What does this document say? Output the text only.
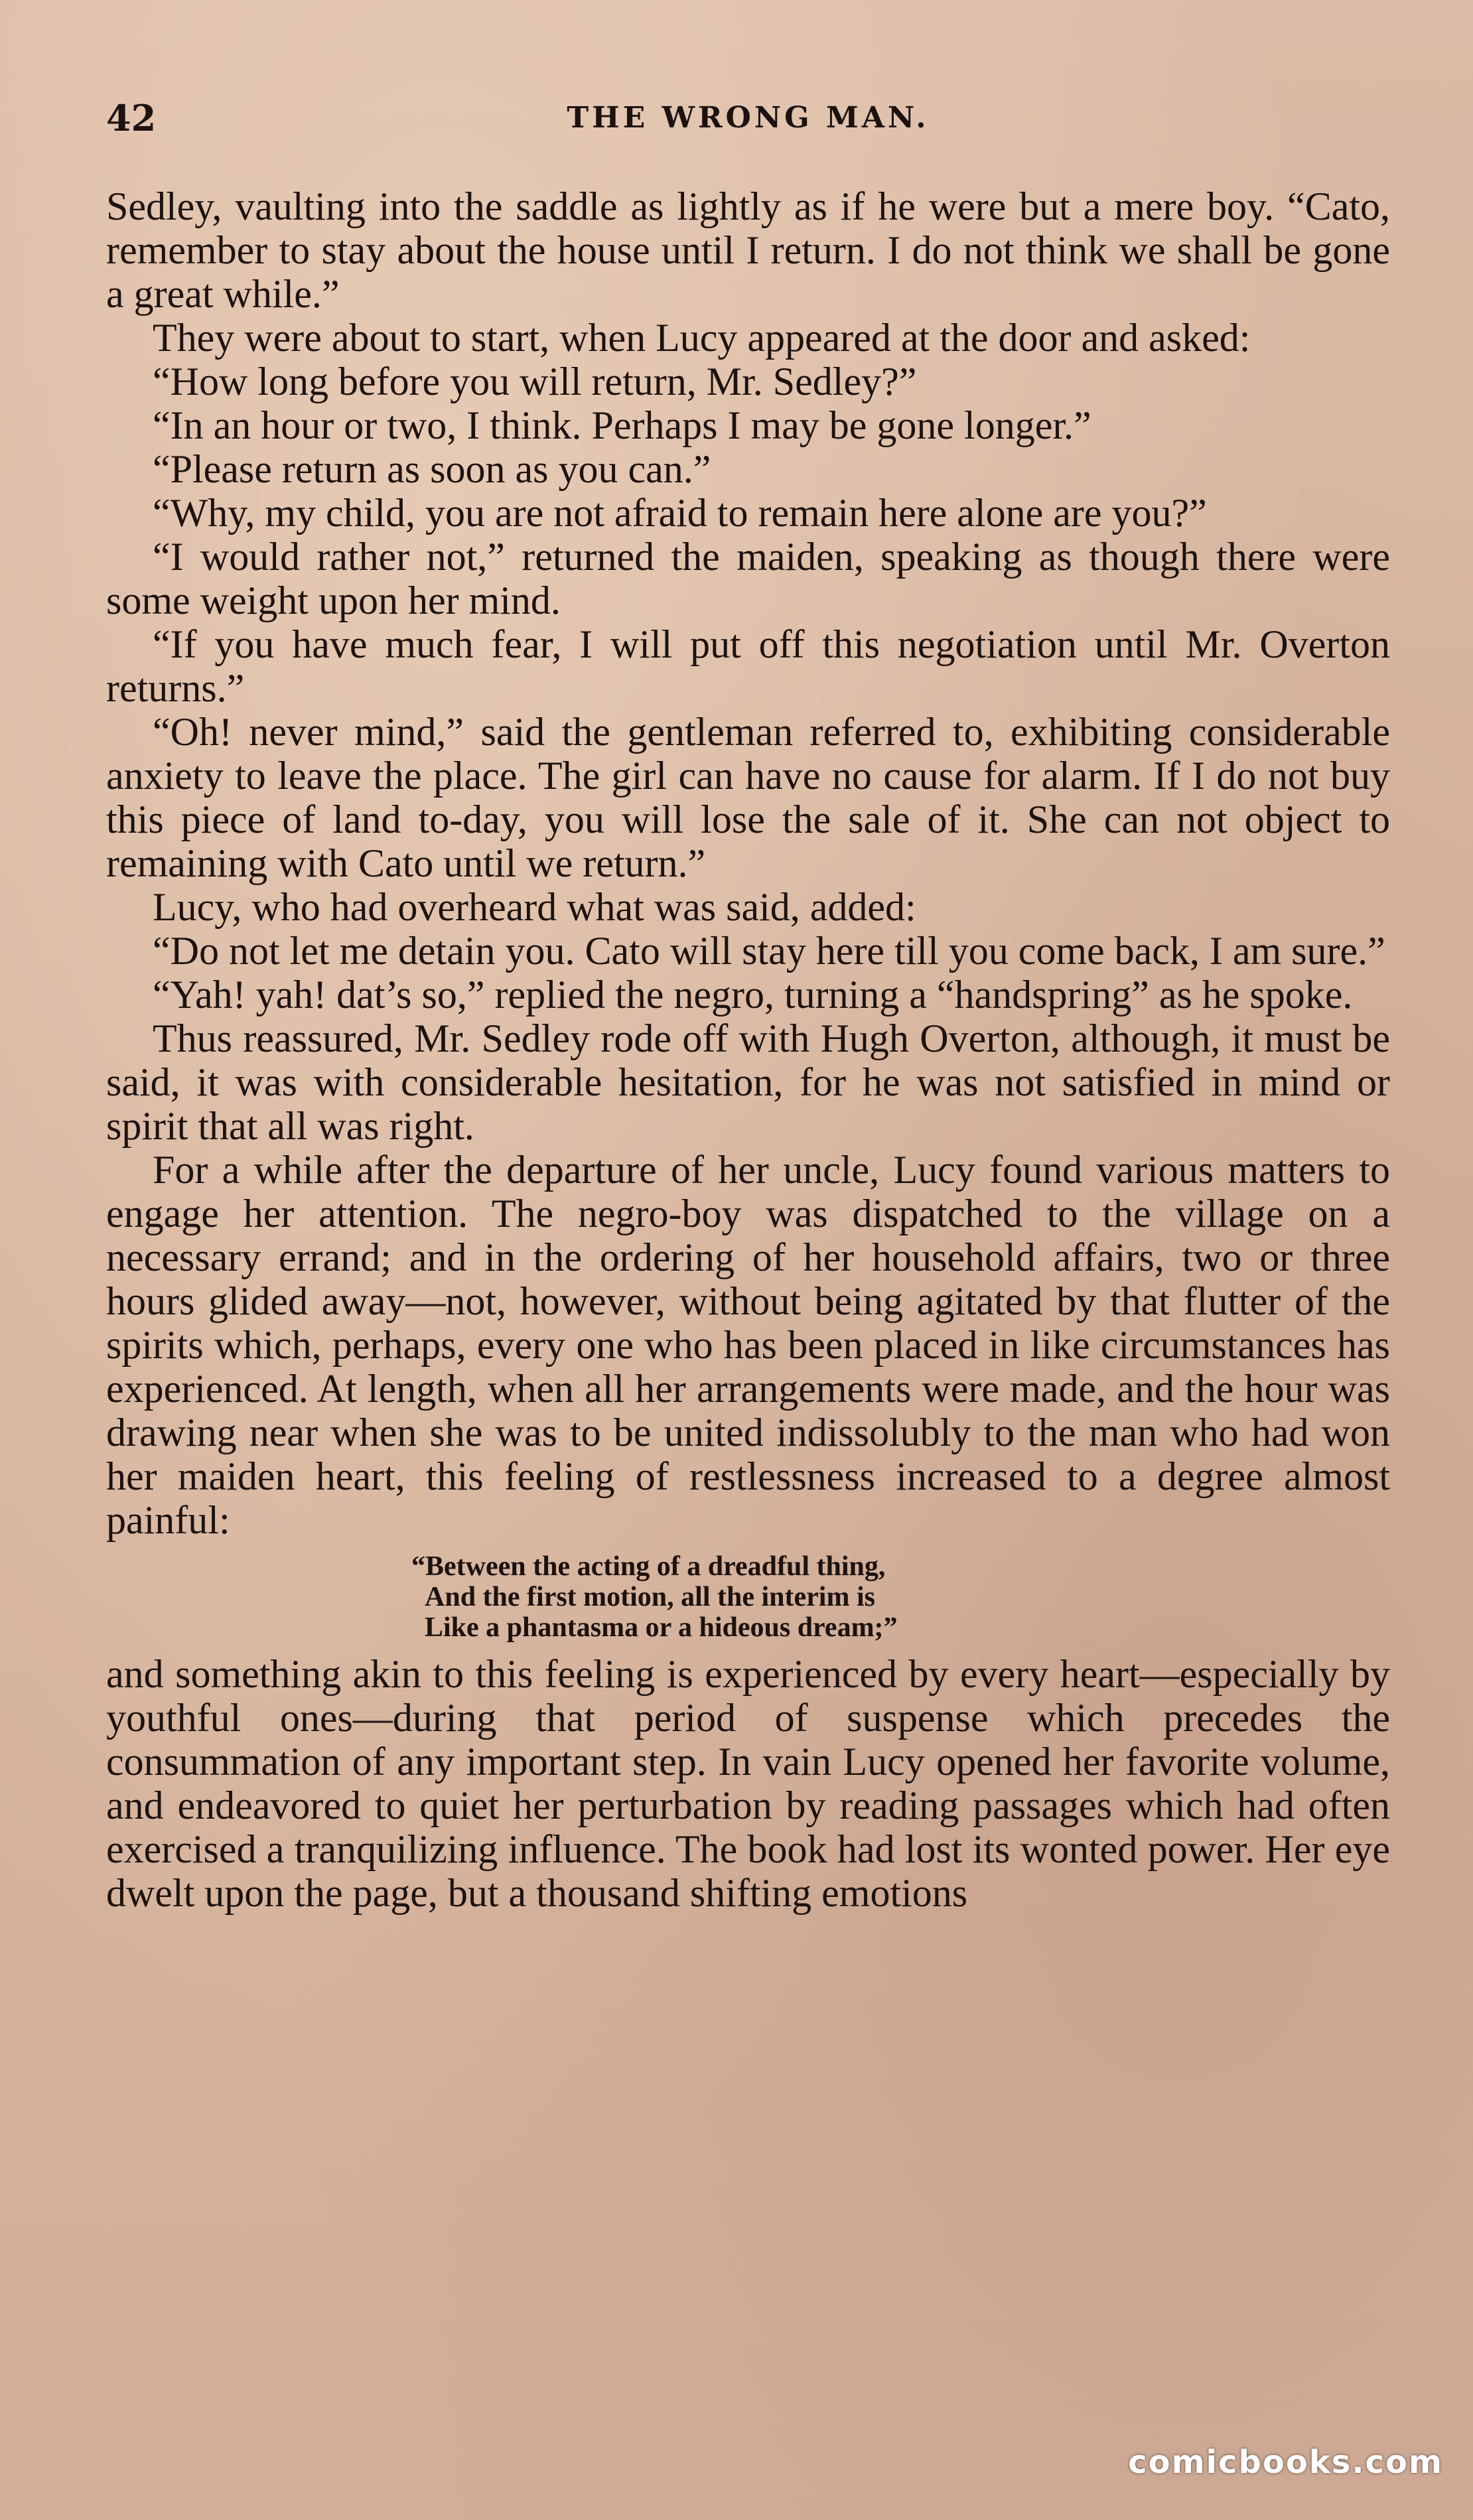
42	THE WRONG MAN.

Sedley, vaulting into the saddle as lightly as if he were but a mere boy. “Cato, remember to stay about the house until I return. I do not think we shall be gone a great while.”

They were about to start, when Lucy appeared at the door and asked:

“How long before you will return, Mr. Sedley?”

“In an hour or two, I think. Perhaps I may be gone longer.”

“Please return as soon as you can.”

“Why, my child, you are not afraid to remain here alone are you?”

“I would rather not,” returned the maiden, speaking as though there were some weight upon her mind.

“If you have much fear, I will put off this negotiation until Mr. Overton returns.”

“Oh! never mind,” said the gentleman referred to, exhibiting considerable anxiety to leave the place. The girl can have no cause for alarm. If I do not buy this piece of land to-day, you will lose the sale of it. She can not object to remaining with Cato until we return.”

Lucy, who had overheard what was said, added:

“Do not let me detain you. Cato will stay here till you come back, I am sure.”

“Yah! yah! dat’s so,” replied the negro, turning a “handspring” as he spoke.

Thus reassured, Mr. Sedley rode off with Hugh Overton, although, it must be said, it was with considerable hesitation, for he was not satisfied in mind or spirit that all was right.

For a while after the departure of her uncle, Lucy found various matters to engage her attention. The negro-boy was dispatched to the village on a necessary errand; and in the ordering of her household affairs, two or three hours glided away—not, however, without being agitated by that flutter of the spirits which, perhaps, every one who has been placed in like circumstances has experienced. At length, when all her arrangements were made, and the hour was drawing near when she was to be united indissolubly to the man who had won her maiden heart, this feeling of restlessness increased to a degree almost painful:

“Between the acting of a dreadful thing,
And the first motion, all the interim is
Like a phantasma or a hideous dream;”

and something akin to this feeling is experienced by every heart—especially by youthful ones—during that period of suspense which precedes the consummation of any important step. In vain Lucy opened her favorite volume, and endeavored to quiet her perturbation by reading passages which had often exercised a tranquilizing influence. The book had lost its wonted power. Her eye dwelt upon the page, but a thousand shifting emotions

comicbooks.com
